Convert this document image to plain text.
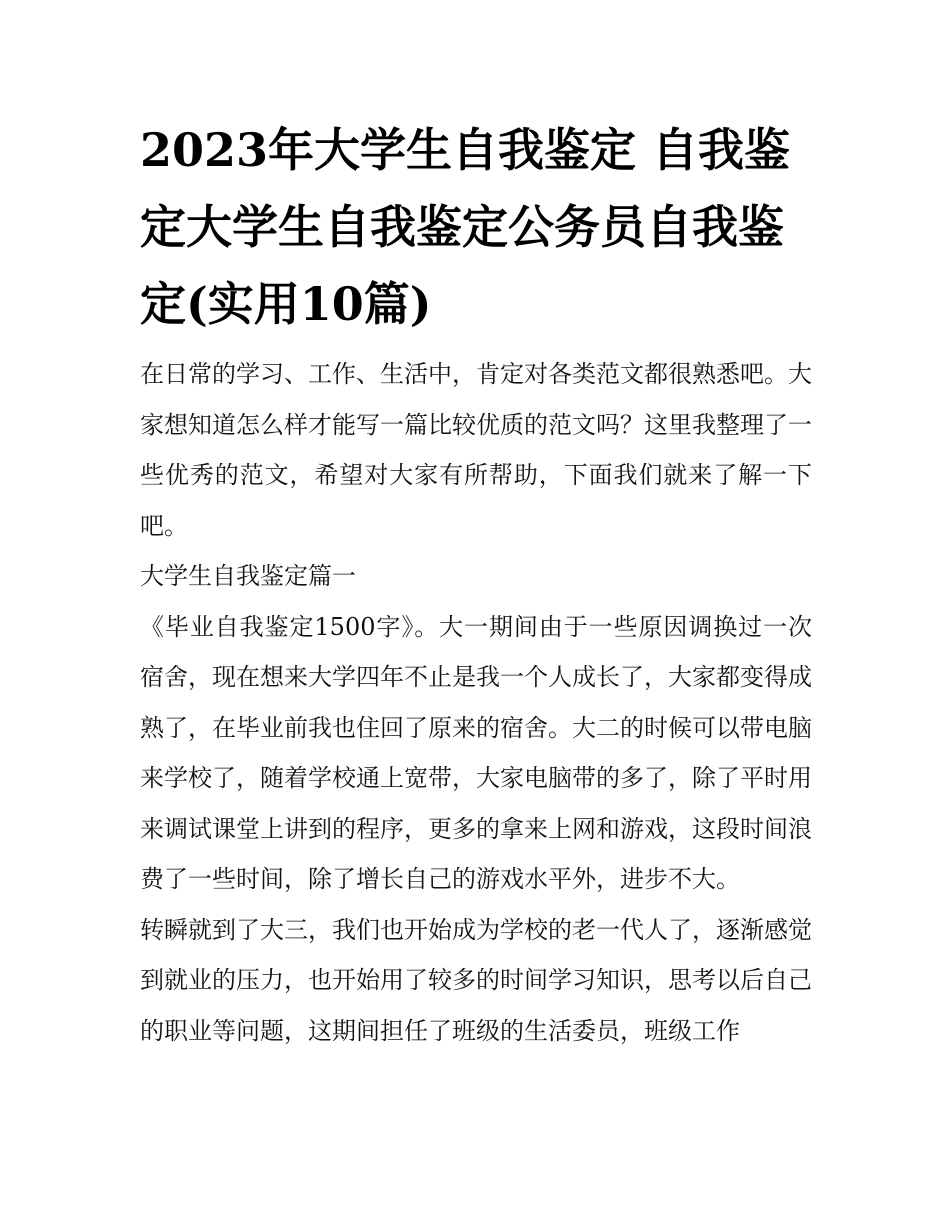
2023年大学生自我鉴定 自我鉴定大学生自我鉴定公务员自我鉴定(实用10篇)

在日常的学习、工作、生活中，肯定对各类范文都很熟悉吧。大家想知道怎么样才能写一篇比较优质的范文吗？这里我整理了一些优秀的范文，希望对大家有所帮助，下面我们就来了解一下吧。

大学生自我鉴定篇一

《毕业自我鉴定1500字》。大一期间由于一些原因调换过一次宿舍，现在想来大学四年不止是我一个人成长了，大家都变得成熟了，在毕业前我也住回了原来的宿舍。大二的时候可以带电脑来学校了，随着学校通上宽带，大家电脑带的多了，除了平时用来调试课堂上讲到的程序，更多的拿来上网和游戏，这段时间浪费了一些时间，除了增长自己的游戏水平外，进步不大。

转瞬就到了大三，我们也开始成为学校的老一代人了，逐渐感觉到就业的压力，也开始用了较多的时间学习知识，思考以后自己的职业等问题，这期间担任了班级的生活委员，班级工作
